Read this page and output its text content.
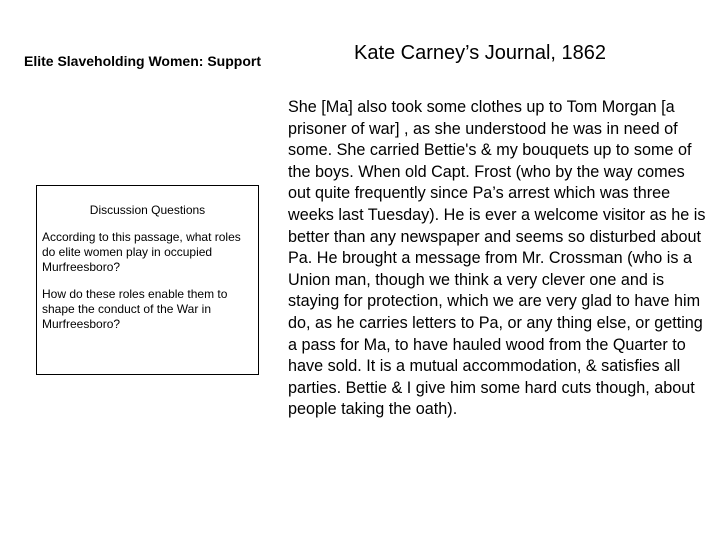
Elite Slaveholding Women: Support	Kate Carney’s Journal, 1862
Discussion Questions
According to this passage, what roles do elite women play in occupied Murfreesboro?
How do these roles enable them to shape the conduct of the War in Murfreesboro?

She [Ma] also took some clothes up to Tom Morgan [a prisoner of war] , as she understood he was in need of some. She carried Bettie's & my bouquets up to some of the boys. When old Capt. Frost (who by the way comes out quite frequently since Pa’s arrest which was three weeks last Tuesday). He is ever a welcome visitor as he is better than any newspaper and seems so disturbed about Pa. He brought a message from Mr. Crossman (who is a Union man, though we think a very clever one and is staying for protection, which we are very glad to have him do, as he carries letters to Pa, or any thing else, or getting a pass for Ma, to have hauled wood from the Quarter to have sold. It is a mutual accommodation, & satisfies all parties. Bettie & I give him some hard cuts though, about people taking the oath).
